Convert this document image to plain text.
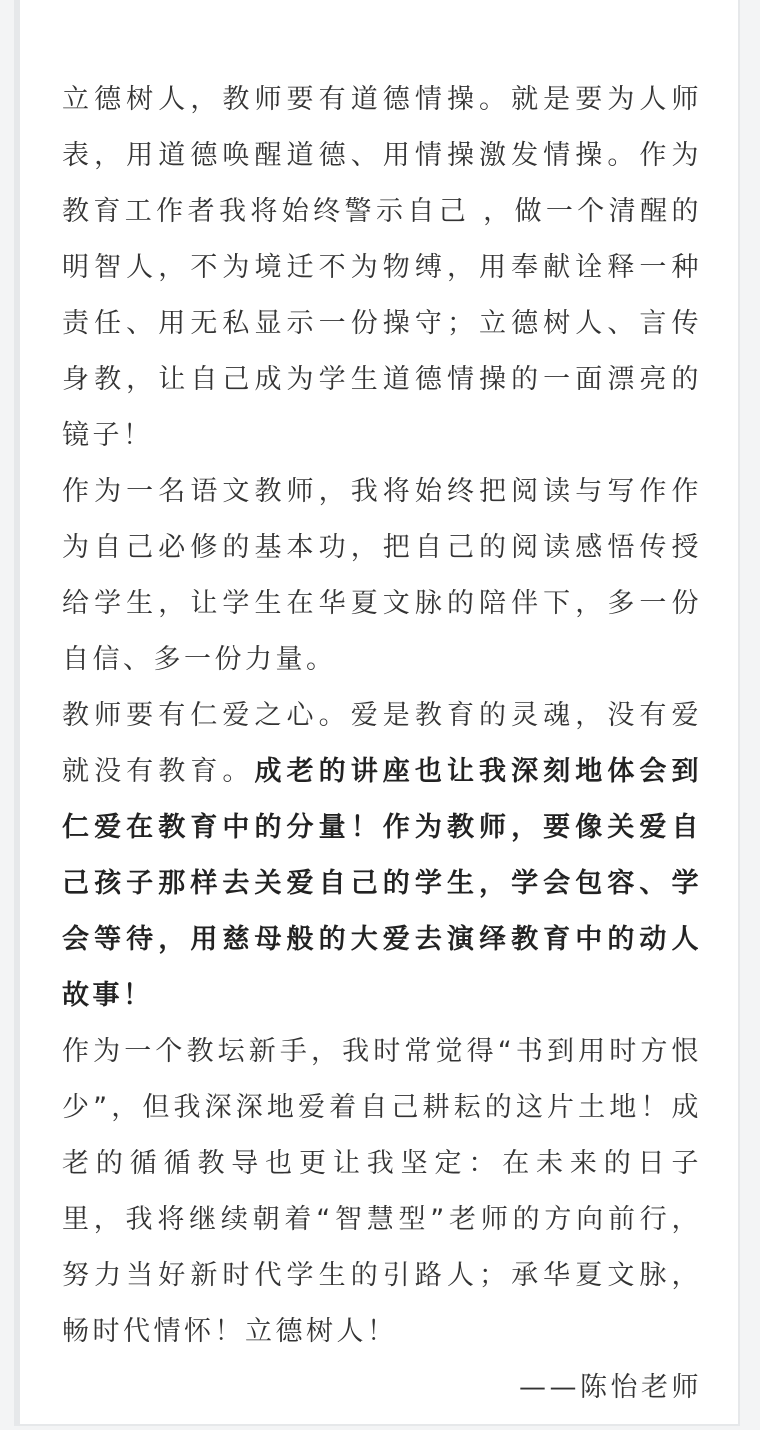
立德树人，教师要有道德情操。就是要为人师表，用道德唤醒道德、用情操激发情操。作为教育工作者我将始终警示自己 ，做一个清醒的明智人，不为境迁不为物缚，用奉献诠释一种责任、用无私显示一份操守；立德树人、言传身教，让自己成为学生道德情操的一面漂亮的镜子！

作为一名语文教师，我将始终把阅读与写作作为自己必修的基本功，把自己的阅读感悟传授给学生，让学生在华夏文脉的陪伴下，多一份自信、多一份力量。

教师要有仁爱之心。爱是教育的灵魂，没有爱就没有教育。成老的讲座也让我深刻地体会到仁爱在教育中的分量！作为教师，要像关爱自己孩子那样去关爱自己的学生，学会包容、学会等待，用慈母般的大爱去演绎教育中的动人故事！

作为一个教坛新手，我时常觉得“书到用时方恨少”，但我深深地爱着自己耕耘的这片土地！成老的循循教导也更让我坚定：在未来的日子里，我将继续朝着“智慧型”老师的方向前行，努力当好新时代学生的引路人；承华夏文脉，畅时代情怀！立德树人！

——陈怡老师
